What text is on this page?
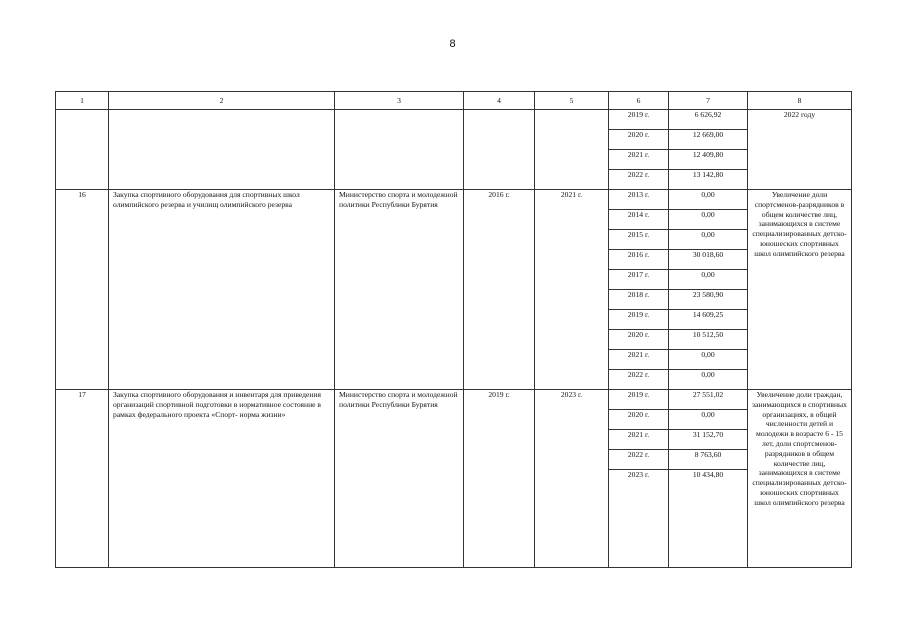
8
1	2	3	4	5	6	7	8
					2019 г.	6 626,92	2022 году
					2020 г.	12 669,00	
					2021 г.	12 409,80	
					2022 г.	13 142,80	
16	Закупка спортивного оборудования для спортивных школ олимпийского резерва и училищ олимпийского резерва	Министерство спорта и молодежной политики Республики Бурятия	2016 г.	2021 г.	2013 г.	0,00	Увеличение доли спортсменов-разрядников в общем количестве лиц, занимающихся в системе специализированных детско-юношеских спортивных школ олимпийского резерва
					2014 г.	0,00	
					2015 г.	0,00	
					2016 г.	30 018,60	
					2017 г.	0,00	
					2018 г.	23 580,90	
					2019 г.	14 609,25	
					2020 г.	10 512,50	
					2021 г.	0,00	
					2022 г.	0,00	
17	Закупка спортивного оборудования и инвентаря для приведения организаций спортивной подготовки в нормативное состояние в рамках федерального проекта «Спорт- норма жизни»	Министерство спорта и молодежной политики Республики Бурятия	2019 г.	2023 г.	2019 г.	27 551,02	Увеличение доли граждан, занимающихся в спортивных организациях, в общей численности детей и молодежи в возрасте 6 - 15 лет, доли спортсменов-разрядников в общем количестве лиц, занимающихся в системе специализированных детско-юношеских спортивных школ олимпийского резерва
					2020 г.	0,00	
					2021 г.	31 152,70	
					2022 г.	8 763,60	
					2023 г.	10 434,80	
